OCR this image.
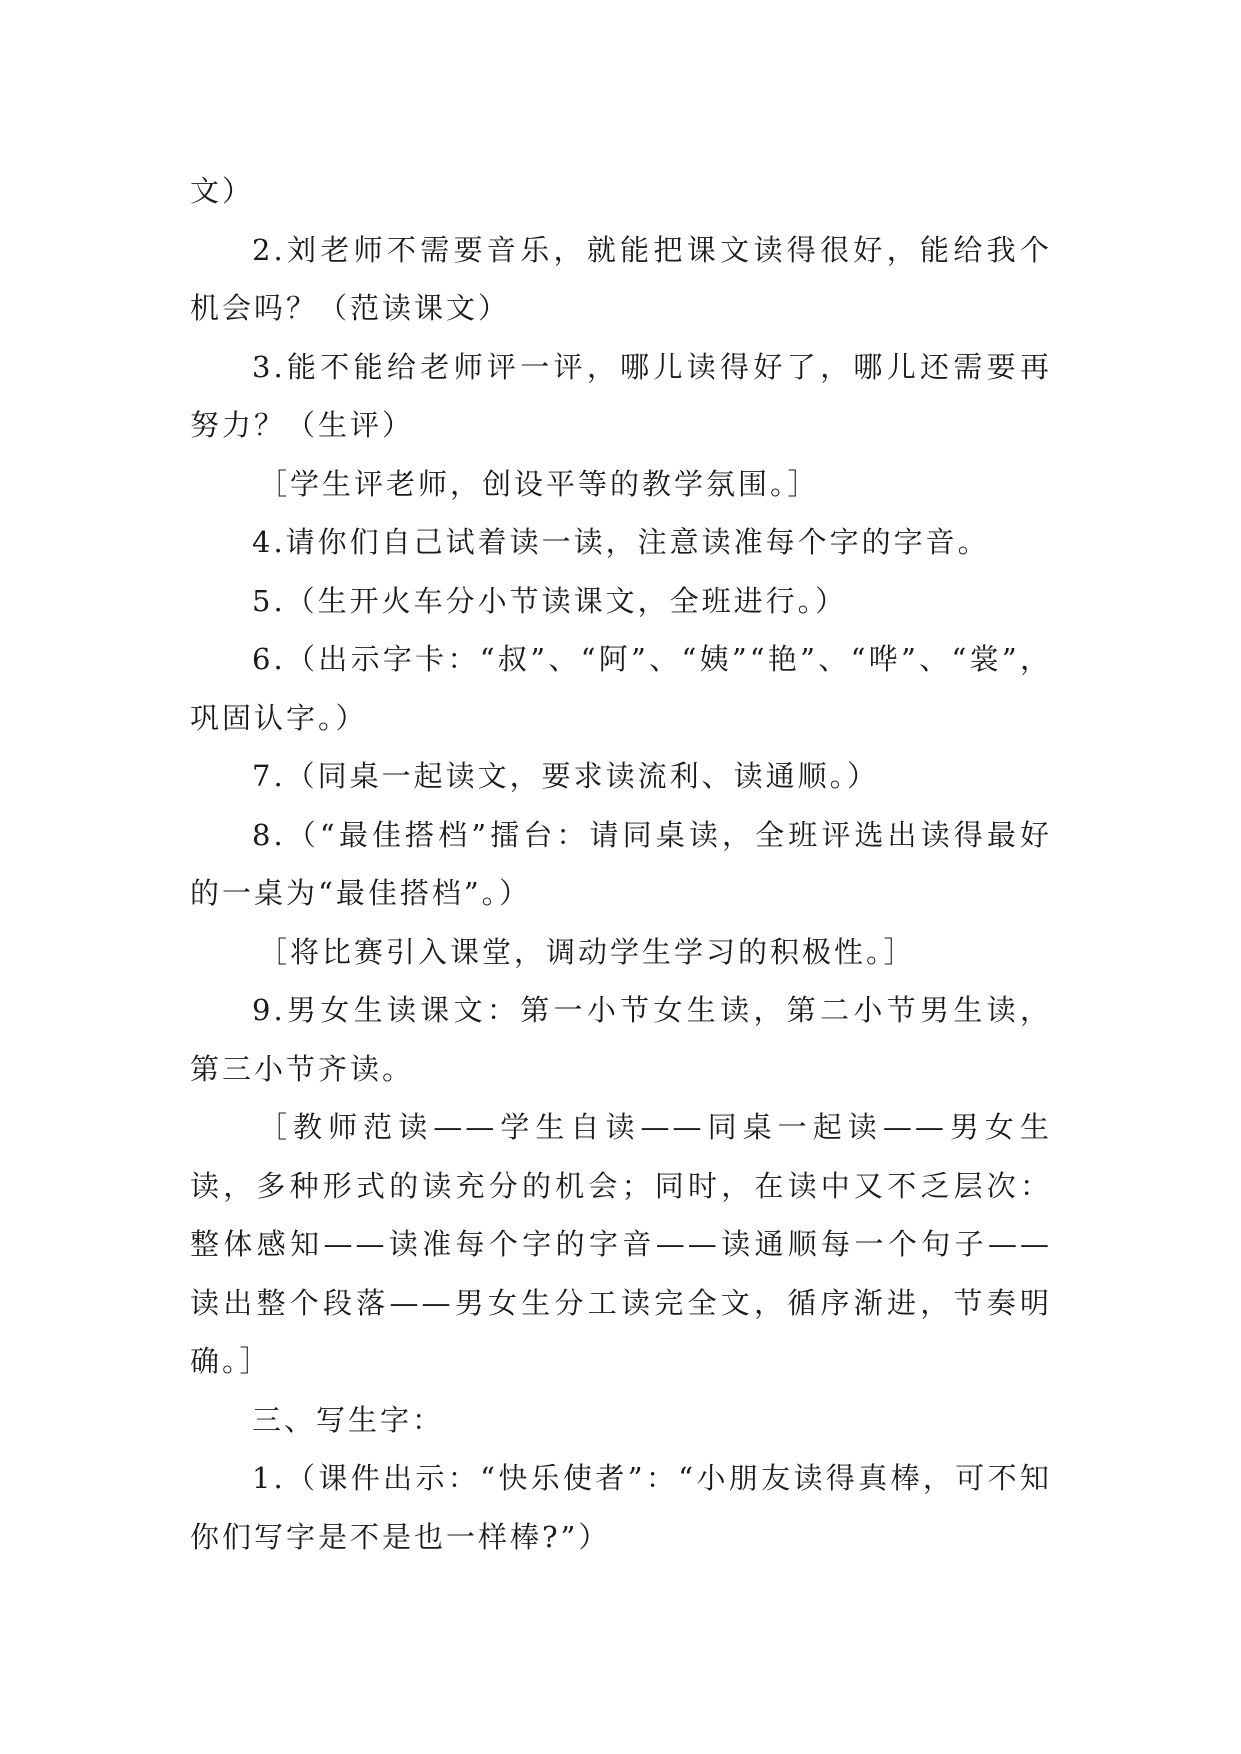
文）

2.刘老师不需要音乐，就能把课文读得很好，能给我个机会吗？（范读课文）

3.能不能给老师评一评，哪儿读得好了，哪儿还需要再努力？（生评）

［学生评老师，创设平等的教学氛围。］

4.请你们自己试着读一读，注意读准每个字的字音。

5.（生开火车分小节读课文，全班进行。）

6.（出示字卡：“叔”、“阿”、“姨”“艳”、“哗”、“裳”，巩固认字。）

7.（同桌一起读文，要求读流利、读通顺。）

8.（“最佳搭档”擂台：请同桌读，全班评选出读得最好的一桌为“最佳搭档”。）

［将比赛引入课堂，调动学生学习的积极性。］

9.男女生读课文：第一小节女生读，第二小节男生读，第三小节齐读。

［教师范读——学生自读——同桌一起读——男女生读，多种形式的读充分的机会；同时，在读中又不乏层次：整体感知——读准每个字的字音——读通顺每一个句子——读出整个段落——男女生分工读完全文，循序渐进，节奏明确。］

三、写生字：

1.（课件出示：“快乐使者”：“小朋友读得真棒，可不知你们写字是不是也一样棒?”）
